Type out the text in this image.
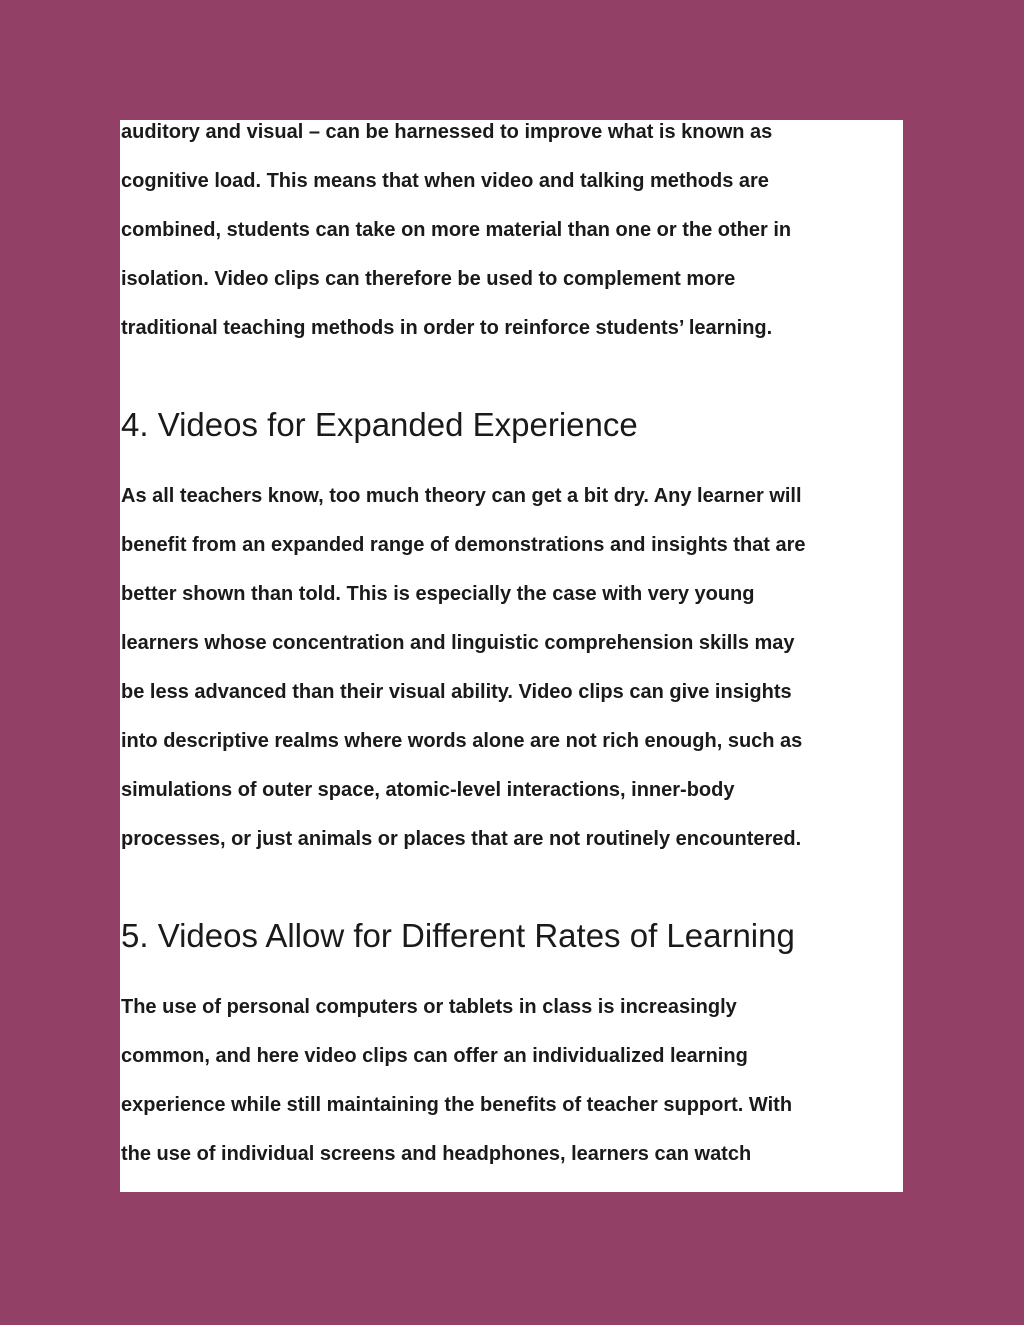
auditory and visual – can be harnessed to improve what is known as
cognitive load. This means that when video and talking methods are
combined, students can take on more material than one or the other in
isolation. Video clips can therefore be used to complement more
traditional teaching methods in order to reinforce students’ learning.

4. Videos for Expanded Experience

As all teachers know, too much theory can get a bit dry. Any learner will
benefit from an expanded range of demonstrations and insights that are
better shown than told. This is especially the case with very young
learners whose concentration and linguistic comprehension skills may
be less advanced than their visual ability. Video clips can give insights
into descriptive realms where words alone are not rich enough, such as
simulations of outer space, atomic-level interactions, inner-body
processes, or just animals or places that are not routinely encountered.

5. Videos Allow for Different Rates of Learning

The use of personal computers or tablets in class is increasingly
common, and here video clips can offer an individualized learning
experience while still maintaining the benefits of teacher support. With
the use of individual screens and headphones, learners can watch
